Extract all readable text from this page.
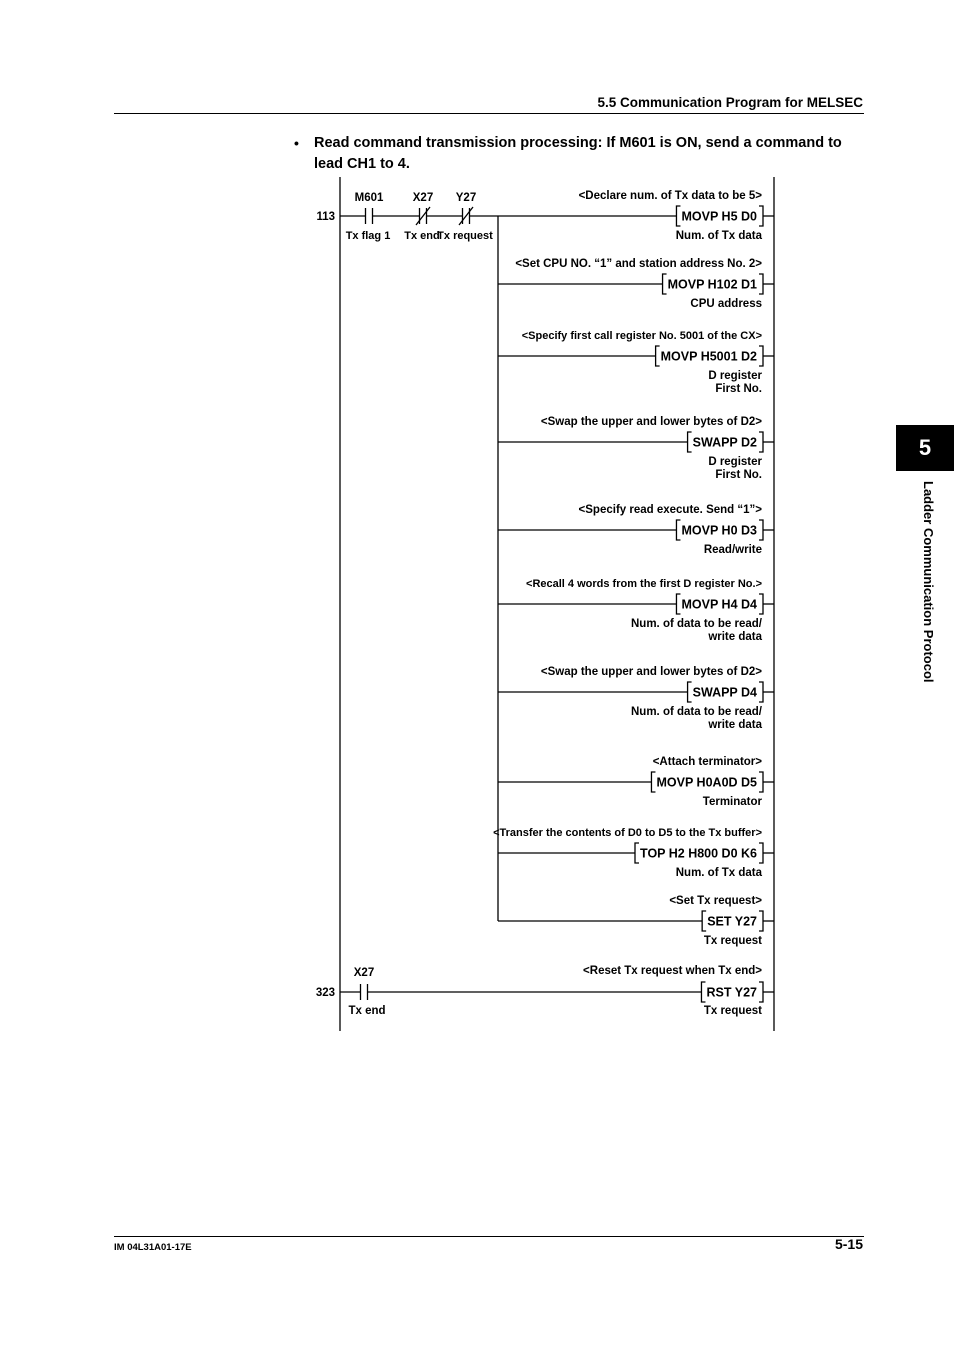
5.5 Communication Program for MELSEC
• Read command transmission processing: If M601 is ON, send a command to lead CH1 to 4.
5
Ladder Communication Protocol
113
M601
Tx flag 1
X27
Tx end
Y27
Tx request
<Declare num. of Tx data to be 5>
MOVP H5 D0
Num. of Tx data
<Set CPU NO. “1” and station address No. 2>
MOVP H102 D1
CPU address
<Specify first call register No. 5001 of the CX>
MOVP H5001 D2
D register
First No.
<Swap the upper and lower bytes of D2>
SWAPP D2
D register
First No.
<Specify read execute. Send “1”>
MOVP H0 D3
Read/write
<Recall 4 words from the first D register No.>
MOVP H4 D4
Num. of data to be read/
write data
<Swap the upper and lower bytes of D2>
SWAPP D4
Num. of data to be read/
write data
<Attach terminator>
MOVP H0A0D D5
Terminator
<Transfer the contents of D0 to D5 to the Tx buffer>
TOP H2 H800 D0 K6
Num. of Tx data
<Set Tx request>
SET Y27
Tx request
323
X27
Tx end
<Reset Tx request when Tx end>
RST Y27
Tx request
IM 04L31A01-17E	5-15
